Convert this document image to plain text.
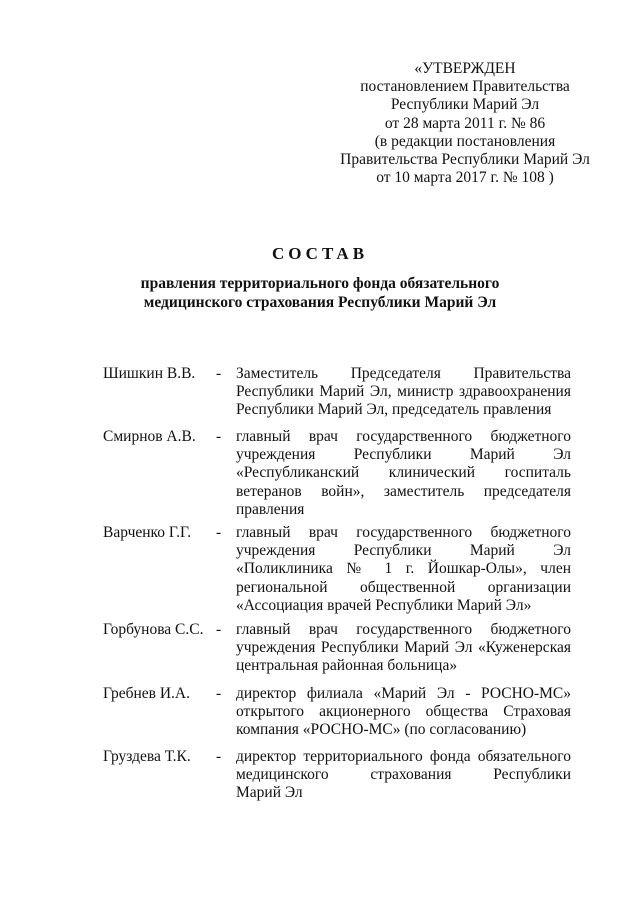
«УТВЕРЖДЕН
постановлением Правительства
Республики Марий Эл
от 28 марта 2011 г. № 86
(в редакции постановления
Правительства Республики Марий Эл
от 10 марта 2017 г. № 108 )
СОСТАВ
правления территориального фонда обязательного
медицинского страхования Республики Марий Эл
Шишкин В.В. - Заместитель Председателя Правительства
Республики Марий Эл, министр здравоохранения
Республики Марий Эл, председатель правления
Смирнов А.В. - главный врач государственного бюджетного
учреждения Республики Марий Эл
«Республиканский клинический госпиталь
ветеранов войн», заместитель председателя
правления
Варченко Г.Г. - главный врач государственного бюджетного
учреждения Республики Марий Эл
«Поликлиника № 1 г. Йошкар-Олы», член
региональной общественной организации
«Ассоциация врачей Республики Марий Эл»
Горбунова С.С. - главный врач государственного бюджетного
учреждения Республики Марий Эл «Куженерская
центральная районная больница»
Гребнев И.А. - директор филиала «Марий Эл - РОСНО-МС»
открытого акционерного общества Страховая
компания «РОСНО-МС» (по согласованию)
Груздева Т.К. - директор территориального фонда обязательного
медицинского страхования Республики
Марий Эл
